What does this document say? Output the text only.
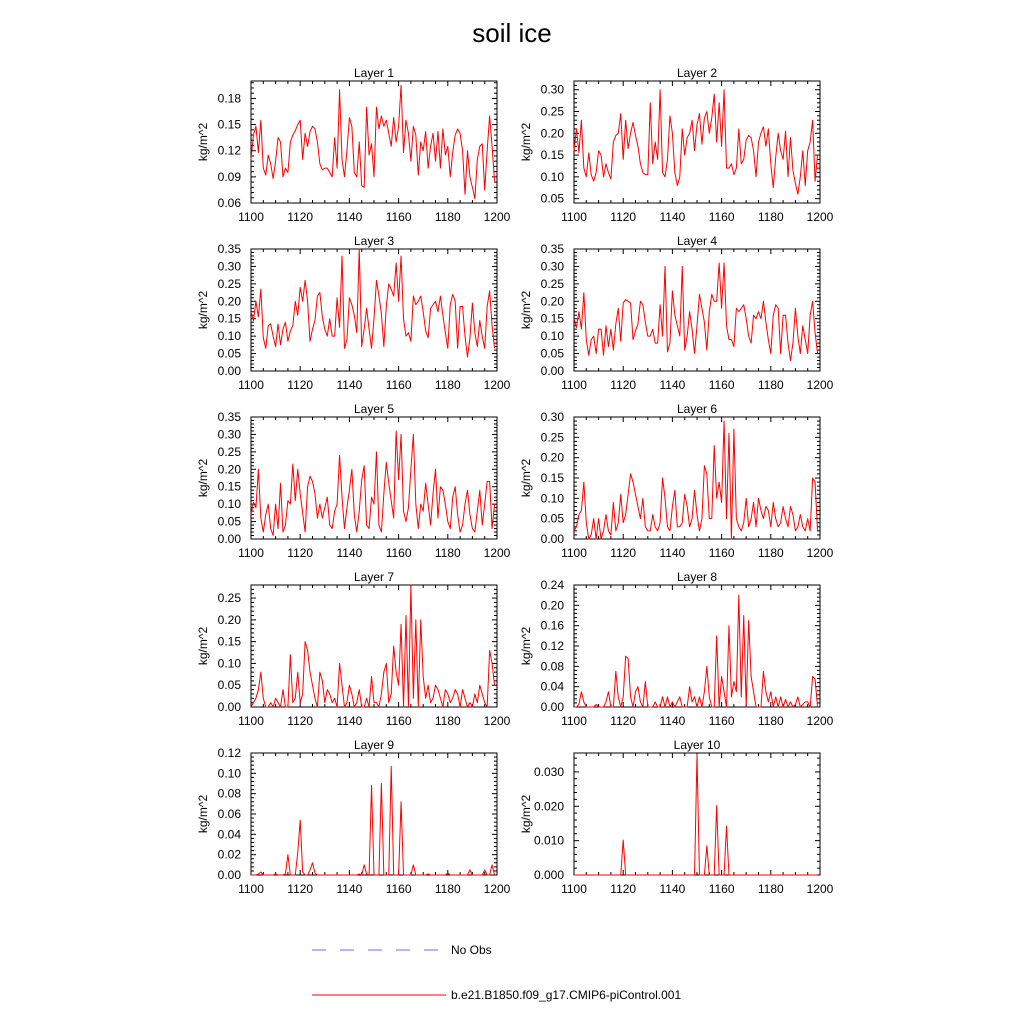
soil ice
Layer 1
1100 1120 1140 1160 1180 1200
0.06
0.09
0.12
0.15
0.18
kg/m^2
Layer 2
1100 1120 1140 1160 1180 1200
0.05
0.10
0.15
0.20
0.25
0.30
kg/m^2
Layer 3
1100 1120 1140 1160 1180 1200
0.00
0.05
0.10
0.15
0.20
0.25
0.30
0.35
kg/m^2
Layer 4
1100 1120 1140 1160 1180 1200
0.00
0.05
0.10
0.15
0.20
0.25
0.30
0.35
kg/m^2
Layer 5
1100 1120 1140 1160 1180 1200
0.00
0.05
0.10
0.15
0.20
0.25
0.30
0.35
kg/m^2
Layer 6
1100 1120 1140 1160 1180 1200
0.00
0.05
0.10
0.15
0.20
0.25
0.30
kg/m^2
Layer 7
1100 1120 1140 1160 1180 1200
0.00
0.05
0.10
0.15
0.20
0.25
kg/m^2
Layer 8
1100 1120 1140 1160 1180 1200
0.00
0.04
0.08
0.12
0.16
0.20
0.24
kg/m^2
Layer 9
1100 1120 1140 1160 1180 1200
0.00
0.02
0.04
0.06
0.08
0.10
0.12
kg/m^2
Layer 10
1100 1120 1140 1160 1180 1200
0.000
0.010
0.020
0.030
kg/m^2
No Obs
b.e21.B1850.f09_g17.CMIP6-piControl.001
